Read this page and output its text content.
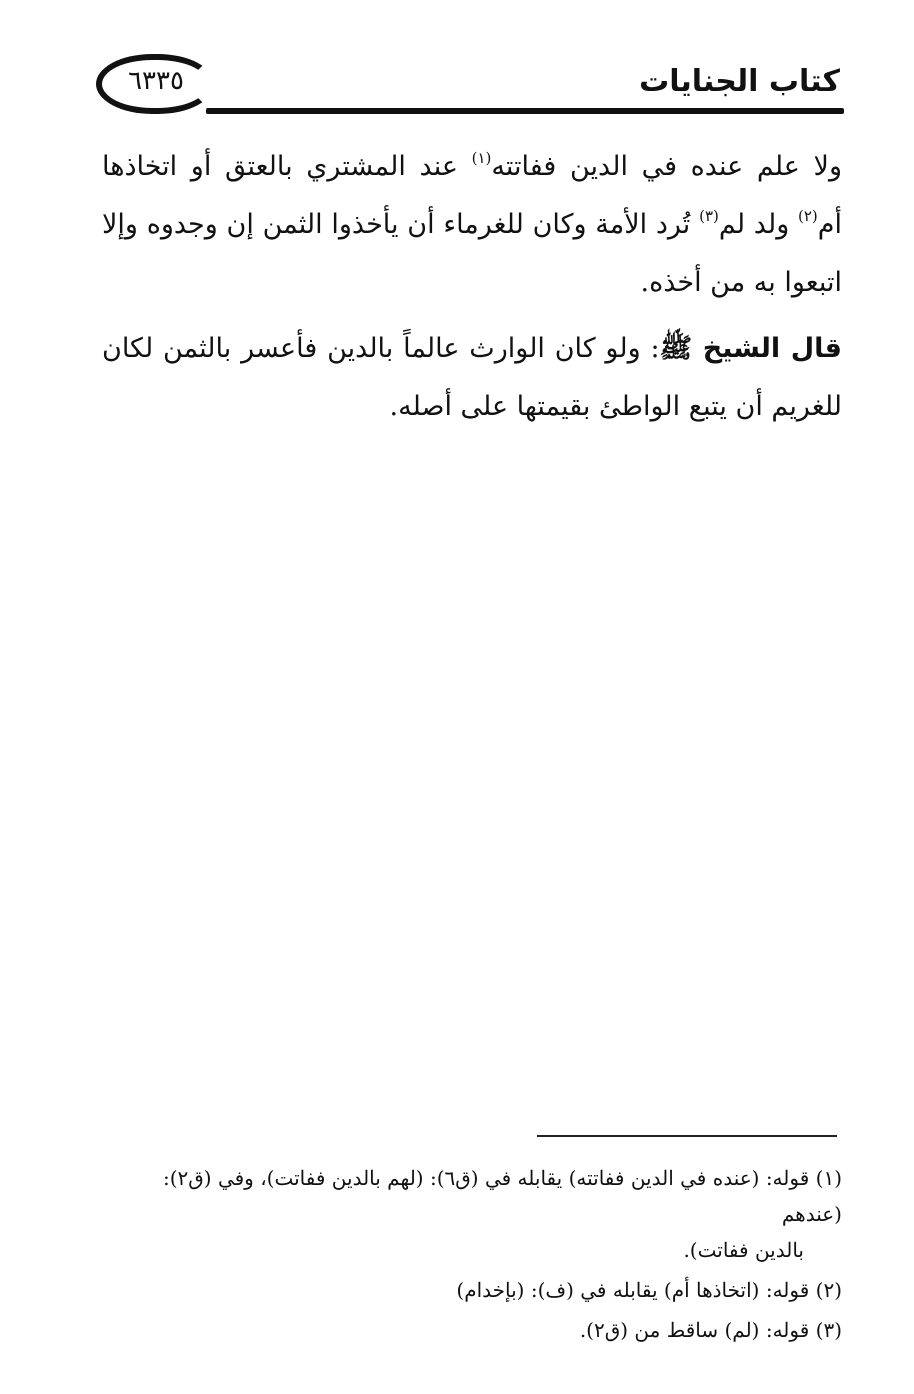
٦٣٣٥	كتاب الجنايات

ولا علم عنده في الدين ففاتته$^{(١)}$ عند المشتري بالعتق أو اتخاذها أم$^{(٢)}$ ولد لم$^{(٣)}$ تُرد الأمة وكان للغرماء أن يأخذوا الثمن إن وجدوه وإلا اتبعوا به من أخذه.

قال الشيخ ﷺ: ولو كان الوارث عالماً بالدين فأعسر بالثمن لكان للغريم أن يتبع الواطئ بقيمتها على أصله.

(١) قوله: (عنده في الدين ففاتته) يقابله في (ق٦): (لهم بالدين ففاتت)، وفي (ق٢): (عندهم
بالدين ففاتت).
(٢) قوله: (اتخاذها أم) يقابله في (ف): (بإخدام)
(٣) قوله: (لم) ساقط من (ق٢).
